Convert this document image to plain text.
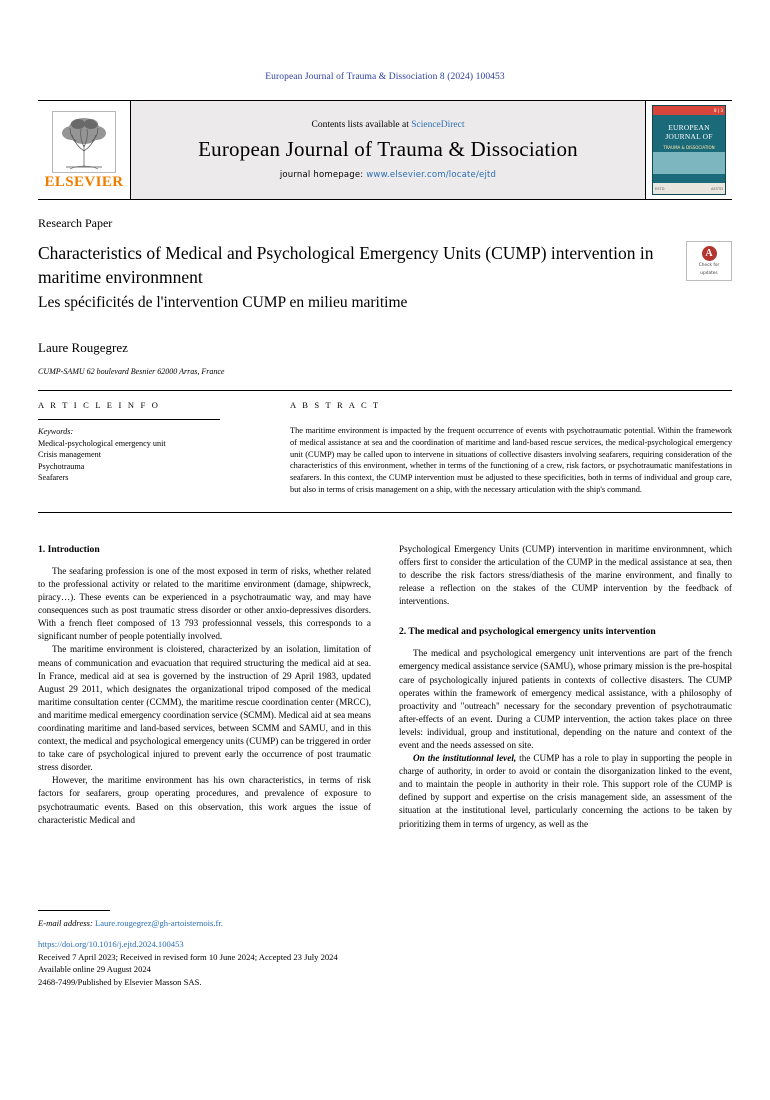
European Journal of Trauma & Dissociation 8 (2024) 100453
ELSEVIER
Contents lists available at ScienceDirect
European Journal of Trauma & Dissociation
journal homepage: www.elsevier.com/locate/ejtd
8 | 3
EUROPEAN JOURNAL OF
TRAUMA & DISSOCIATION
ESTD	AESTD
Research Paper
Characteristics of Medical and Psychological Emergency Units (CUMP) intervention in maritime environmnent
Les spécificités de l'intervention CUMP en milieu maritime
A
Check for
updates
Laure Rougegrez
CUMP-SAMU 62 boulevard Besnier 62000 Arras, France
A R T I C L E I N F O
Keywords:
Medical-psychological emergency unit
Crisis management
Psychotrauma
Seafarers
A B S T R A C T
The maritime environment is impacted by the frequent occurrence of events with psychotraumatic potential. Within the framework of medical assistance at sea and the coordination of maritime and land-based rescue services, the medical-psychological emergency unit (CUMP) may be called upon to intervene in situations of collective disasters involving seafarers, requiring consideration of the characteristics of this environment, whether in terms of the functioning of a crew, risk factors, or psychotraumatic manifestations in seafarers. In this context, the CUMP intervention must be adjusted to these specificities, both in terms of individual and group care, but also in terms of crisis management on a ship, with the necessary articulation with the ship's command.
1. Introduction

The seafaring profession is one of the most exposed in term of risks, whether related to the professional activity or related to the maritime environment (damage, shipwreck, piracy…). These events can be experienced in a psychotraumatic way, and may have consequences such as post traumatic stress disorder or other anxio-depressives disorders. With a french fleet composed of 13 793 professionnal vessels, this corresponds to a significant number of people potentially involved.

The maritime environment is cloistered, characterized by an isolation, limitation of means of communication and evacuation that required structuring the medical aid at sea. In France, medical aid at sea is governed by the instruction of 29 April 1983, updated August 29 2011, which designates the organizational tripod composed of the medical maritime consultation center (CCMM), the maritime rescue coordination center (MRCC), and maritime medical emergency coordination service (SCMM). Medical aid at sea means coordinating maritime and land-based services, between SCMM and SAMU, and in this context, the medical and psychological emergency units (CUMP) can be triggered in order to take care of psychological injured to prevent early the occurrence of post traumatic stress disorder.

However, the maritime environment has his own characteristics, in terms of risk factors for seafarers, group operating procedures, and prevalence of exposure to psychotraumatic events. Based on this observation, this work argues the issue of characteristic Medical and

Psychological Emergency Units (CUMP) intervention in maritime environmnent, which offers first to consider the articulation of the CUMP in the medical assistance at sea, then to describe the risk factors stress/diathesis of the marine environment, and finally to release a reflection on the stakes of the CUMP intervention by the feedback of interventions.

2. The medical and psychological emergency units intervention

The medical and psychological emergency unit interventions are part of the french emergency medical assistance service (SAMU), whose primary mission is the pre-hospital care of psychologically injured patients in contexts of collective disasters. The CUMP operates within the framework of emergency medical assistance, with a philosophy of proactivity and "outreach" necessary for the secondary prevention of psychotraumatic after-effects of an event. During a CUMP intervention, the action takes place on three levels: individual, group and institutional, depending on the nature and context of the event and the needs assessed on site.

On the institutionnal level, the CUMP has a role to play in supporting the people in charge of authority, in order to avoid or contain the disorganization linked to the event, and to maintain the people in authority in their role. This support role of the CUMP is defined by support and expertise on the crisis management side, an assessment of the situation at the institutional level, particularly concerning the actions to be taken by prioritizing them in terms of urgency, as well as the

E-mail address: Laure.rougegrez@gh-artoisternois.fr.
https://doi.org/10.1016/j.ejtd.2024.100453
Received 7 April 2023; Received in revised form 10 June 2024; Accepted 23 July 2024
Available online 29 August 2024
2468-7499/Published by Elsevier Masson SAS.
